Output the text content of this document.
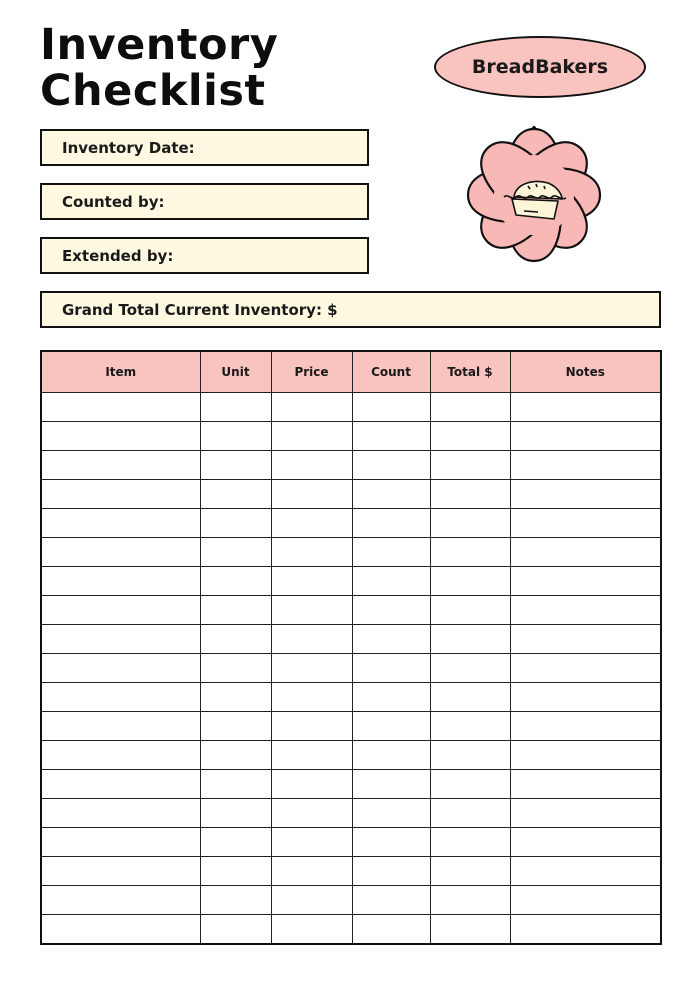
Inventory
Checklist	BreadBakers
Inventory Date:
Counted by:
Extended by:
Grand Total Current Inventory: $
Item	Unit	Price	Count	Total $	Notes
